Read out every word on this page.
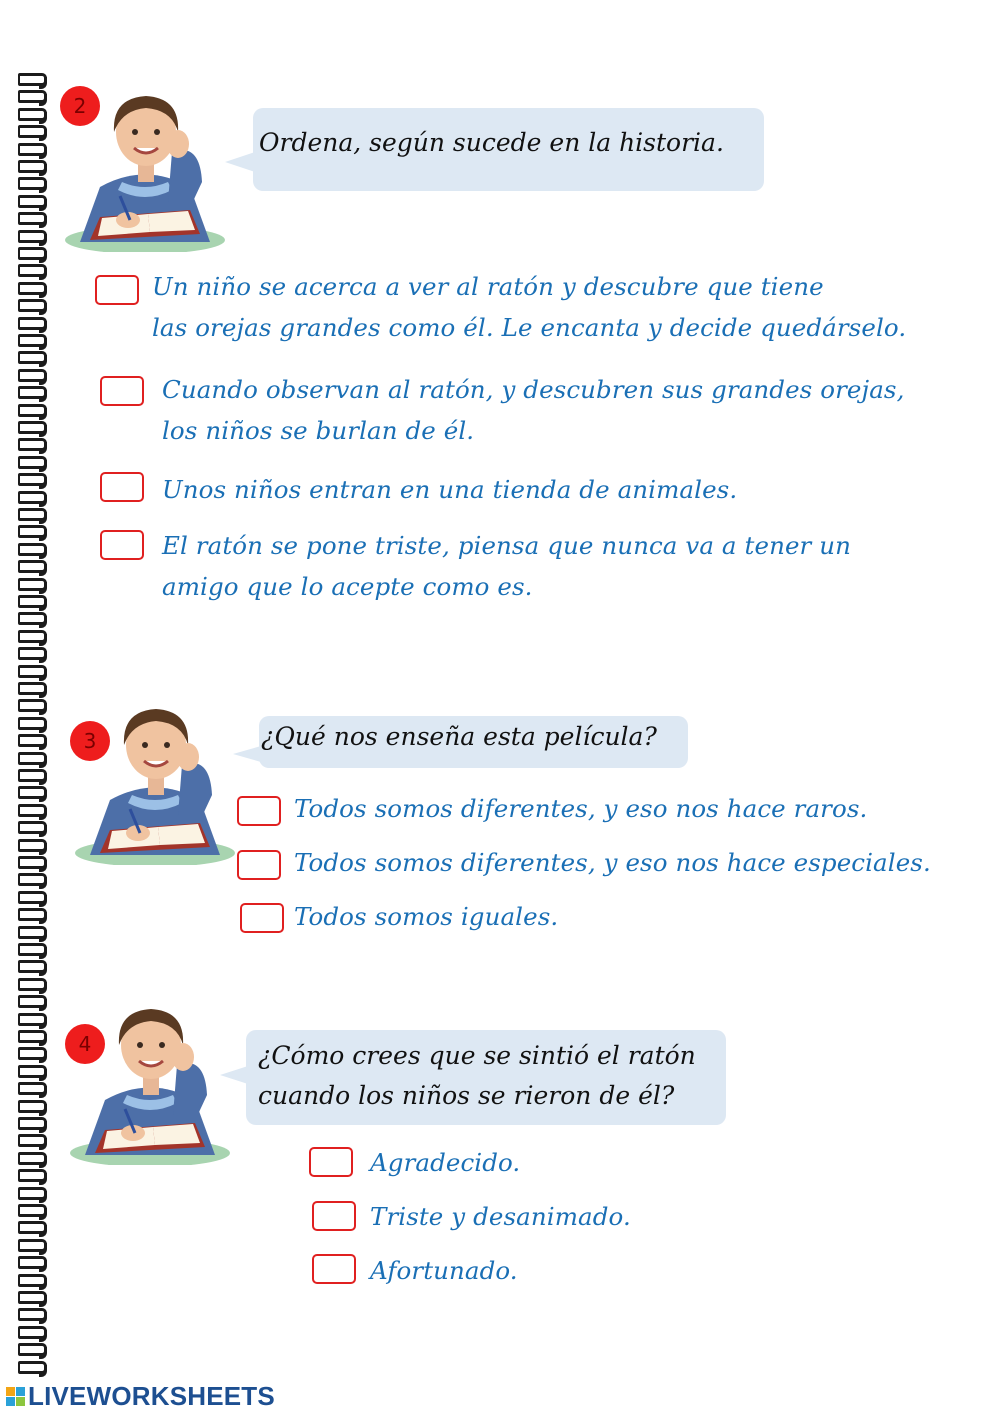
2
Ordena, según sucede en la historia.
Un niño se acerca a ver al ratón y descubre que tiene
las orejas grandes como él. Le encanta y decide quedárselo.
Cuando observan al ratón, y descubren sus grandes orejas,
los niños se burlan de él.
Unos niños entran en una tienda de animales.
El ratón se pone triste, piensa que nunca va a tener un
amigo que lo acepte como es.
3	¿Qué nos enseña esta película?
Todos somos diferentes, y eso nos hace raros.
Todos somos diferentes, y eso nos hace especiales.
Todos somos iguales.
4	¿Cómo crees que se sintió el ratón
cuando los niños se rieron de él?
Agradecido.
Triste y desanimado.
Afortunado.
LIVEWORKSHEETS
